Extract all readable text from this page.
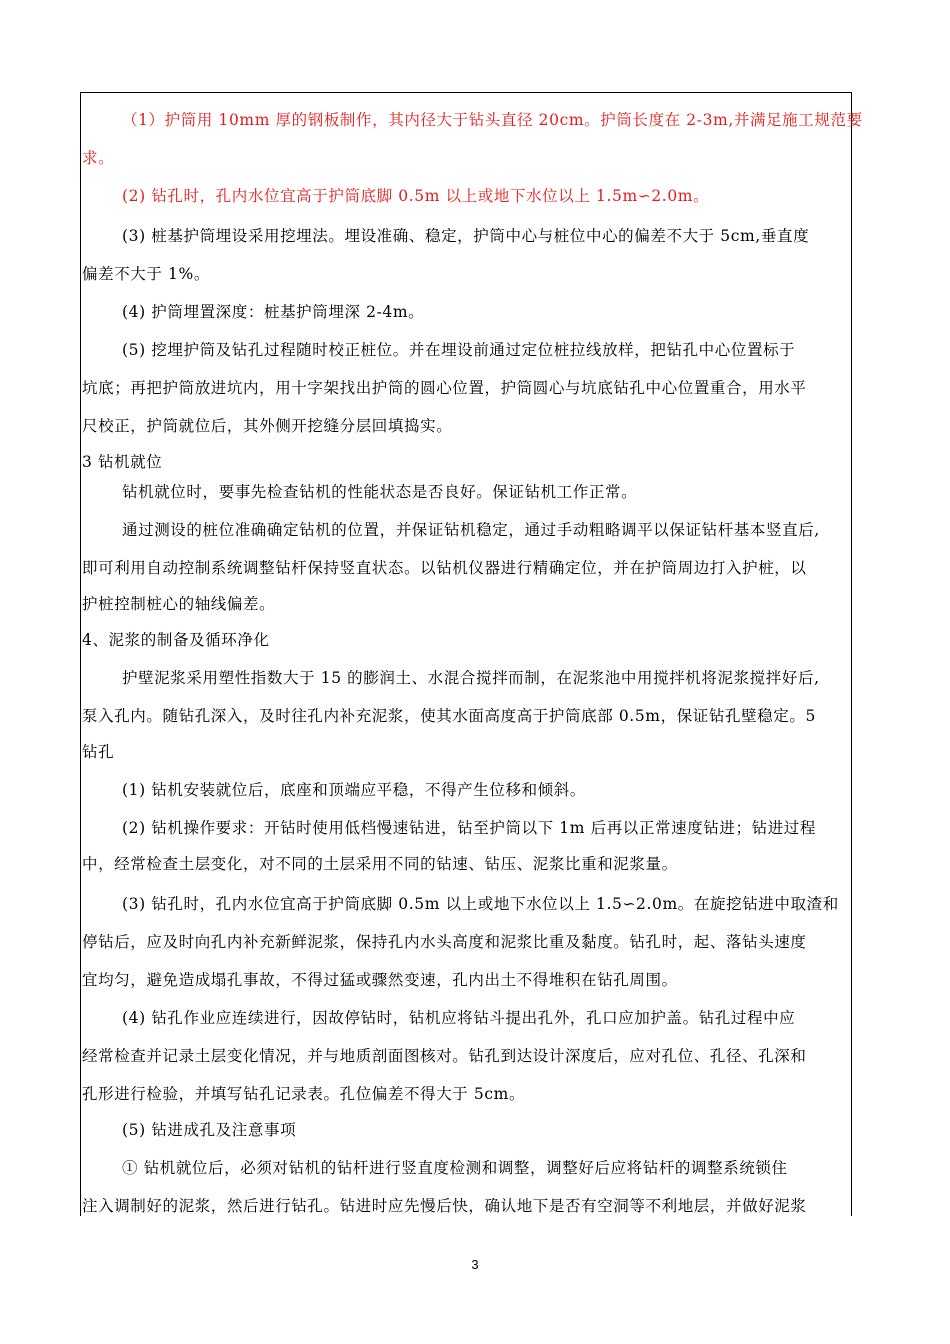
（1）护筒用 10mm 厚的钢板制作，其内径大于钻头直径 20cm。护筒长度在 2-3m,并满足施工规范要
求。
(2) 钻孔时，孔内水位宜高于护筒底脚 0.5m 以上或地下水位以上 1.5m∽2.0m。
(3) 桩基护筒埋设采用挖埋法。埋设准确、稳定，护筒中心与桩位中心的偏差不大于 5cm,垂直度
偏差不大于 1%。
(4) 护筒埋置深度：桩基护筒埋深 2-4m。
(5) 挖埋护筒及钻孔过程随时校正桩位。并在埋设前通过定位桩拉线放样，把钻孔中心位置标于
坑底；再把护筒放进坑内，用十字架找出护筒的圆心位置，护筒圆心与坑底钻孔中心位置重合，用水平
尺校正，护筒就位后，其外侧开挖缝分层回填捣实。
3 钻机就位
钻机就位时，要事先检查钻机的性能状态是否良好。保证钻机工作正常。
通过测设的桩位准确确定钻机的位置，并保证钻机稳定，通过手动粗略调平以保证钻杆基本竖直后,
即可利用自动控制系统调整钻杆保持竖直状态。以钻机仪器进行精确定位，并在护筒周边打入护桩，以
护桩控制桩心的轴线偏差。
4、泥浆的制备及循环净化
护壁泥浆采用塑性指数大于 15 的膨润土、水混合搅拌而制，在泥浆池中用搅拌机将泥浆搅拌好后,
泵入孔内。随钻孔深入，及时往孔内补充泥浆，使其水面高度高于护筒底部 0.5m，保证钻孔壁稳定。5
钻孔
(1) 钻机安装就位后，底座和顶端应平稳，不得产生位移和倾斜。
(2) 钻机操作要求：开钻时使用低档慢速钻进，钻至护筒以下 1m 后再以正常速度钻进；钻进过程
中，经常检查土层变化，对不同的土层采用不同的钻速、钻压、泥浆比重和泥浆量。
(3) 钻孔时，孔内水位宜高于护筒底脚 0.5m 以上或地下水位以上 1.5∽2.0m。在旋挖钻进中取渣和
停钻后，应及时向孔内补充新鲜泥浆，保持孔内水头高度和泥浆比重及黏度。钻孔时，起、落钻头速度
宜均匀，避免造成塌孔事故，不得过猛或骤然变速，孔内出土不得堆积在钻孔周围。
(4) 钻孔作业应连续进行，因故停钻时，钻机应将钻斗提出孔外，孔口应加护盖。钻孔过程中应
经常检查并记录土层变化情况，并与地质剖面图核对。钻孔到达设计深度后，应对孔位、孔径、孔深和
孔形进行检验，并填写钻孔记录表。孔位偏差不得大于 5cm。
(5) 钻进成孔及注意事项
① 钻机就位后，必须对钻机的钻杆进行竖直度检测和调整，调整好后应将钻杆的调整系统锁住
注入调制好的泥浆，然后进行钻孔。钻进时应先慢后快，确认地下是否有空洞等不利地层，并做好泥浆
3
